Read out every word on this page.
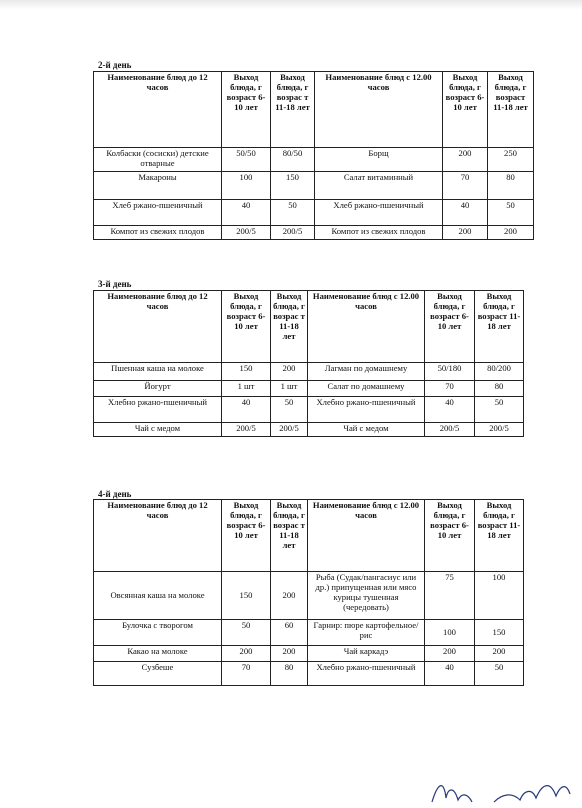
2-й день
Наименование блюд до 12 часов	Выход блюда, г возраст 6-10 лет	Выход блюда, г возрас т 11-18 лет	Наименование блюд с 12.00 часов	Выход блюда, г возраст 6-10 лет	Выход блюда, г возраст 11-18 лет
Колбаски (сосиски) детские отварные	50/50	80/50	Борщ	200	250
Макароны	100	150	Салат витаминный	70	80
Хлеб ржано-пшеничный	40	50	Хлеб ржано-пшеничный	40	50
Компот из свежих плодов	200/5	200/5	Компот из свежих плодов	200	200
3-й день
Наименование блюд до 12 часов	Выход блюда, г возраст 6-10 лет	Выход блюда, г возрас т 11-18 лет	Наименование блюд с 12.00 часов	Выход блюда, г возраст 6-10 лет	Выход блюда, г возраст 11-18 лет
Пшенная каша на молоке	150	200	Лагман по домашнему	50/180	80/200
Йогурт	1 шт	1 шт	Салат по домашнему	70	80
Хлебно ржано-пшеничный	40	50	Хлебно ржано-пшеничный	40	50
Чай с медом	200/5	200/5	Чай с медом	200/5	200/5
4-й день
Наименование блюд до 12 часов	Выход блюда, г возраст 6-10 лет	Выход блюда, г возрас т 11-18 лет	Наименование блюд с 12.00 часов	Выход блюда, г возраст 6-10 лет	Выход блюда, г возраст 11-18 лет
Овсянная каша на молоке	150	200	Рыба (Судак/пангасиус или др.) припущенная или мясо курицы тушенная (чередовать)	75	100
Булочка с творогом	50	60	Гарнир: пюре картофельное/рис	100	150
Какао на молоке	200	200	Чай каркадэ	200	200
Сузбеше	70	80	Хлебно ржано-пшеничный	40	50
